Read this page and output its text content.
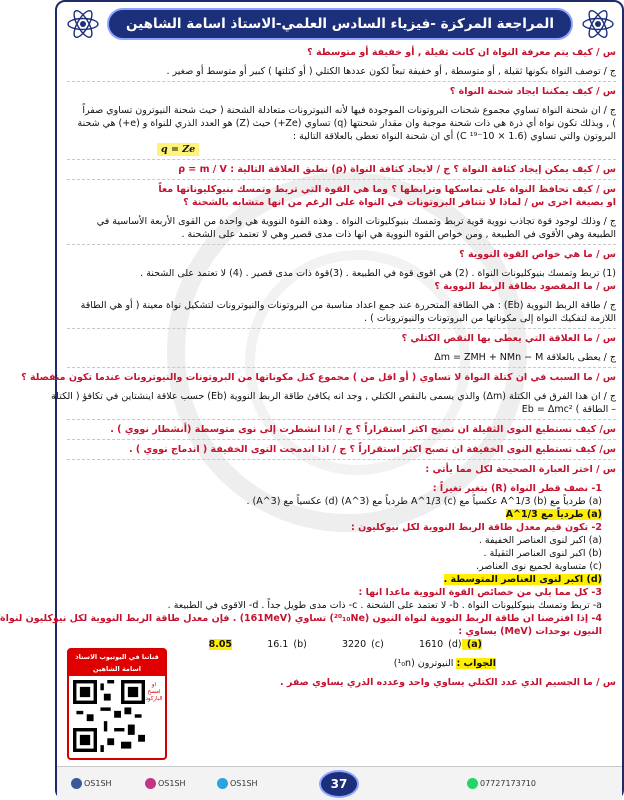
المراجعة المركزة -فيزياء السادس العلمي-الاستاذ اسامة الشاهين
س / كيف يتم معرفة النواة ان كانت ثقيلة , أو خفيفة أو متوسطة ؟
ج / توصف النواة بكونها ثقيلة , أو متوسطة , أو خفيفة تبعاً لكون عددها الكتلي ( أو كتلتها ) كبير أو متوسط أو صغير .
س / كيف يمكننا ايجاد شحنة النواة ؟
ج / ان شحنة النواة تساوي مجموع شحنات البروتونات الموجودة فيها لأنه النيوترونات متعادلة الشحنة ( حيث شحنة النيوترون تساوي صفراً
) , وبذلك تكون نواة أي ذرة هي ذات شحنة موجبة وان مقدار شحنتها (q) تساوي (Ze+) حيث (Z) هو العدد الذري للنواة و (e+) هي شحنة
البروتون والتي تساوي (1.6 × 10⁻¹⁹ C) أي ان شحنة النواة تعطى بالعلاقة التالية :
q = Ze
س / كيف يمكن إيجاد كثافة النواة ؟ ج / لايجاد كثافة النواة (ρ) نطبق العلاقة التالية : ρ = m / V
س / كيف تحافظ النواة على تماسكها وترابطها ؟ وما هي القوة التي تربط وتمسك بنيوكليوناتها معاً
او بصيغة اخرى س / لماذا لا تتنافر البروتونات في النواة على الرغم من انها متشابه بالشحنة ؟
ج / وذلك لوجود قوة تجاذب نووية قوية تربط وتمسك بنيوكليونات النواة . وهذه القوة النووية هي واحدة من القوى الأربعة الأساسية في
الطبيعة وهي الأقوى في الطبيعة , ومن خواص القوة النووية هي انها ذات مدى قصير وهي لا تعتمد على الشحنة .
س / ما هي خواص القوة النووية ؟
(1) تربط وتمسك بنيوكليونات النواة . (2) هي اقوى قوة في الطبيعة . (3)قوة ذات مدى قصير . (4) لا تعتمد على الشحنة .
س / ما المقصود بطاقة الربط النووية ؟
ج / طاقة الربط النووية (Eb) : هي الطاقة المتحررة عند جمع اعداد مناسبة من البروتونات والنيوترونات لتشكيل نواة معينة ( أو هي الطاقة
اللازمة لتفكيك النواة إلى مكوناتها من البروتونات والنيوترونات ) .
س / ما العلاقة التي يعطى بها النقص الكتلي ؟
ج / يعطى بالعلاقة Δm = ZMH + NMn − M
س / ما السبب في ان كتلة النواة لا تساوي ( أو اقل من ) مجموع كتل مكوناتها من البروتونات والنيوترونات عندما تكون منفصلة ؟
ج / ان هذا الفرق في الكتلة (Δm) والذي يسمى بالنقص الكتلي , وجد انه يكافئ طاقة الربط النووية (Eb) حسب علاقة اينشتاين في تكافؤ ( الكتلة
– الطاقة ) Eb = Δmc²
س/ كيف تستطيع النوى الثقيلة ان تصبح اكثر استقراراً ؟ ج / اذا انشطرت إلى نوى متوسطة (أنشطار نووي ) .
س/ كيف تستطيع النوى الخفيفة ان تصبح اكثر استقراراً ؟ ج / اذا اندمجت النوى الخفيفة ( اندماج نووي ) .
س / اختر العبارة الصحيحة لكل مما يأتي :
1- نصف قطر النواة (R) يتغير تغيراً :
(a) طردياً مع A^1/3 (b) عكسياً مع A^1/3 (c) طردياً مع (A^3) (d) عكسياً مع (A^3) .
(a) طردياً مع A^1/3
2- تكون قيم معدل طاقة الربط النووية لكل نيوكليون :
(a) اكبر لنوى العناصر الخفيفة .
(b) اكبر لنوى العناصر الثقيلة .
(c) متساوية لجميع نوى العناصر.
(d) اكبر لنوى العناصر المتوسطة .
3- كل مما يلي من خصائص القوة النووية ماعدا انها :
a- تربط وتمسك بنيوكليونات النواة . b- لا تعتمد على الشحنة . c- ذات مدى طويل جداً . d- الاقوى في الطبيعة .
4- إذا افترضنا ان طاقة الربط النووية لنواة النيون (²⁰₁₀Ne) تساوي (161MeV) . فإن معدل طاقة الربط النووية لكل نيوكليون لنواة
النيون بوحدات (MeV) يساوي :
(a) 8.05       16.1 (b)	3220 (c)	1610 (d)
الجواب : النيوترون (¹₀n)
س / ما الجسيم الذي عدد الكتلي يساوي واحد وعدده الذري يساوي صفر .
قناتنا في اليوتيوب الاستاذ اسامة الشاهين
او امسح الباركود
OS1SH	OS1SH	OS1SH	37	07727173710
